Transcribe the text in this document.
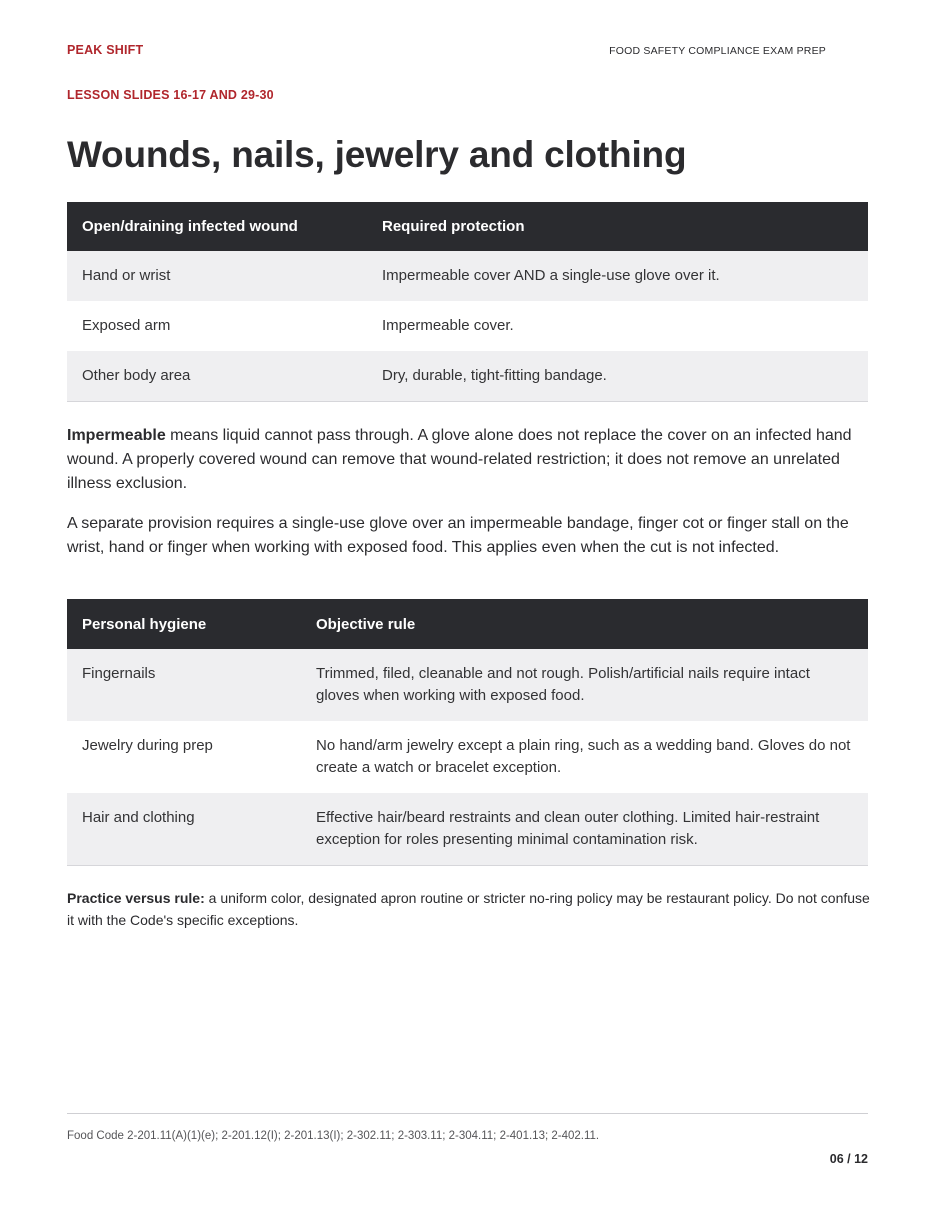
PEAK SHIFT	FOOD SAFETY COMPLIANCE EXAM PREP
LESSON SLIDES 16-17 AND 29-30
Wounds, nails, jewelry and clothing
Open/draining infected wound	Required protection
Hand or wrist	Impermeable cover AND a single-use glove over it.
Exposed arm	Impermeable cover.
Other body area	Dry, durable, tight-fitting bandage.

Impermeable means liquid cannot pass through. A glove alone does not replace the cover on an infected hand wound. A properly covered wound can remove that wound-related restriction; it does not remove an unrelated illness exclusion.

A separate provision requires a single-use glove over an impermeable bandage, finger cot or finger stall on the wrist, hand or finger when working with exposed food. This applies even when the cut is not infected.

Personal hygiene	Objective rule
Fingernails	Trimmed, filed, cleanable and not rough. Polish/artificial nails require intact gloves when working with exposed food.
Jewelry during prep	No hand/arm jewelry except a plain ring, such as a wedding band. Gloves do not create a watch or bracelet exception.
Hair and clothing	Effective hair/beard restraints and clean outer clothing. Limited hair-restraint exception for roles presenting minimal contamination risk.

Practice versus rule: a uniform color, designated apron routine or stricter no-ring policy may be restaurant policy. Do not confuse it with the Code's specific exceptions.

Food Code 2-201.11(A)(1)(e); 2-201.12(I); 2-201.13(I); 2-302.11; 2-303.11; 2-304.11; 2-401.13; 2-402.11.
06 / 12
